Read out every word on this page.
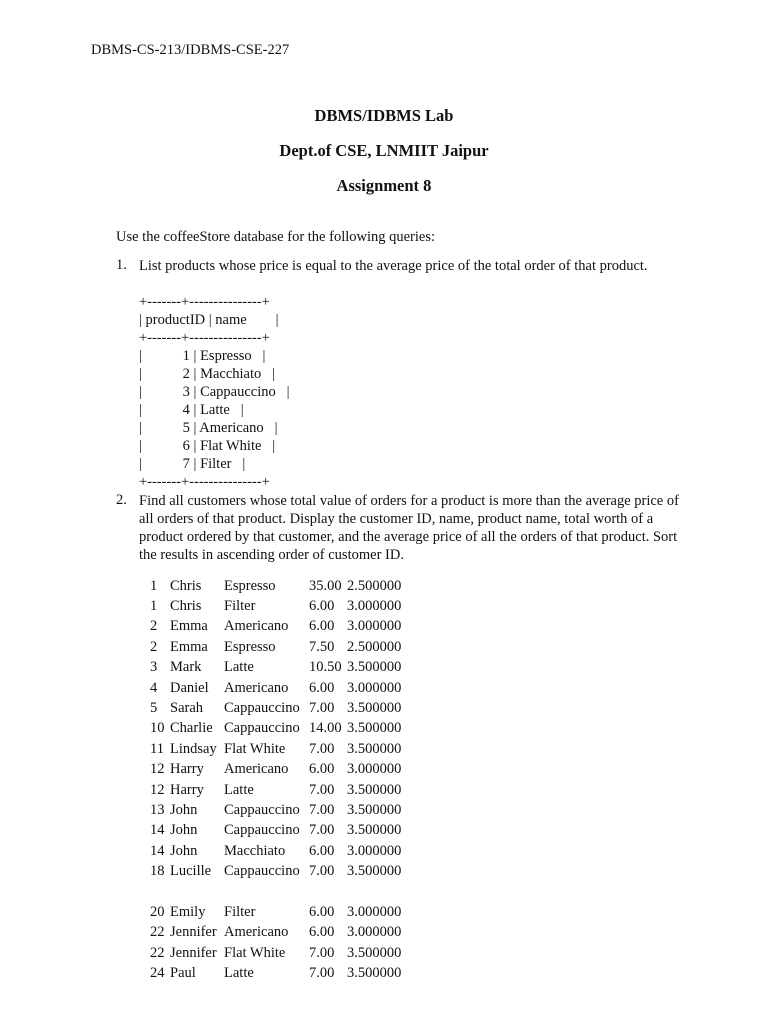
DBMS-CS-213/IDBMS-CSE-227
DBMS/IDBMS Lab
Dept.of CSE, LNMIIT Jaipur
Assignment 8
Use the coffeeStore database for the following queries:
1. List products whose price is equal to the average price of the total order of that product.
+-------+---------------+
| productID | name        |
+-------+---------------+
|	1 | Espresso   |
|	2 | Macchiato   |
|	3 | Cappauccino   |
|	4 | Latte   |
|	5 | Americano   |
|	6 | Flat White   |
|	7 | Filter   |
+-------+---------------+
2. Find all customers whose total value of orders for a product is more than the average price of all orders of that product. Display the customer ID, name, product name, total worth of a product ordered by that customer, and the average price of all the orders of that product. Sort the results in ascending order of customer ID.
1	Chris	Espresso	35.00	2.500000
1	Chris	Filter	6.00	3.000000
2	Emma	Americano	6.00	3.000000
2	Emma	Espresso	7.50	2.500000
3	Mark	Latte	10.50	3.500000
4	Daniel	Americano	6.00	3.000000
5	Sarah	Cappauccino	7.00	3.500000
10	Charlie	Cappauccino	14.00	3.500000
11	Lindsay	Flat White	7.00	3.500000
12	Harry	Americano	6.00	3.000000
12	Harry	Latte	7.00	3.500000
13	John	Cappauccino	7.00	3.500000
14	John	Cappauccino	7.00	3.500000
14	John	Macchiato	6.00	3.000000
18	Lucille	Cappauccino	7.00	3.500000

20	Emily	Filter	6.00	3.000000
22	Jennifer	Americano	6.00	3.000000
22	Jennifer	Flat White	7.00	3.500000
24	Paul	Latte	7.00	3.500000
